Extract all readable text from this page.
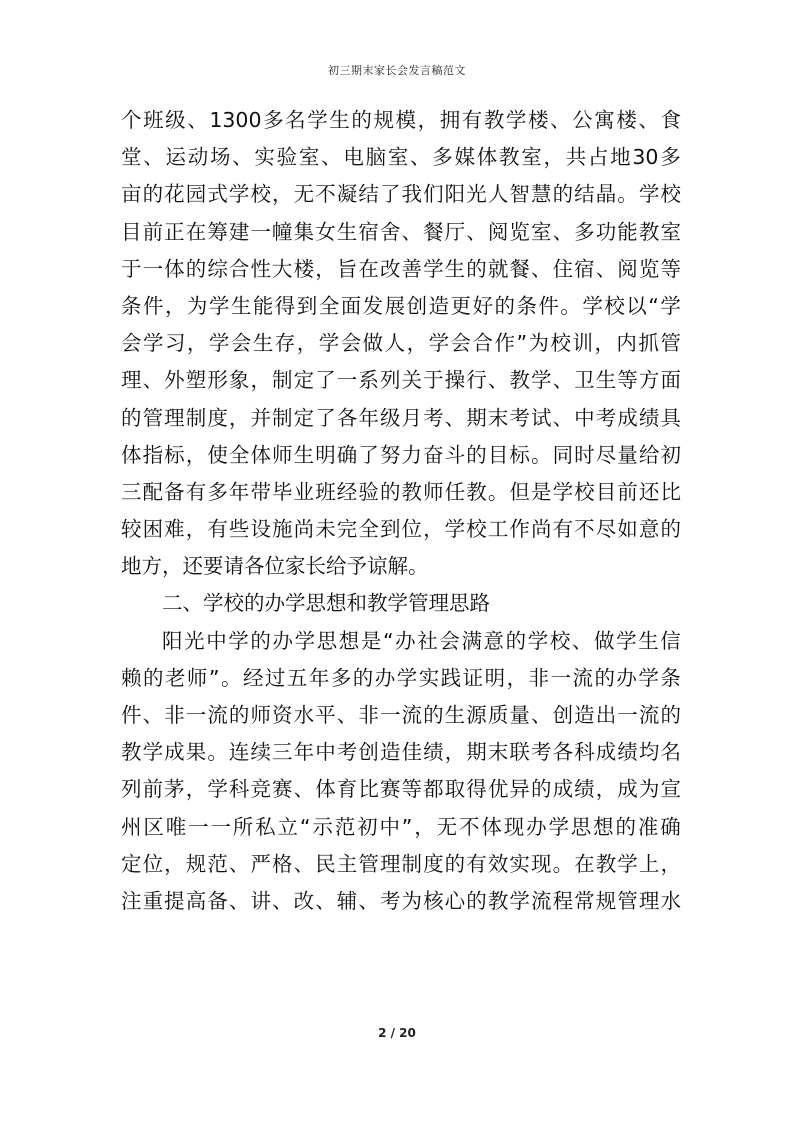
初三期末家长会发言稿范文
个 班 级 、 1300 多 名 学 生 的 规 模 ， 拥 有 教 学 楼 、 公 寓 楼 、 食
堂 、 运 动 场 、 实 验 室 、 电 脑 室 、 多 媒 体 教 室 ， 共 占 地 30 多
亩 的 花 园 式 学 校 ， 无 不 凝 结 了 我 们 阳 光 人 智 慧 的 结 晶 。 学 校
目 前 正 在 筹 建 一 幢 集 女 生 宿 舍 、 餐 厅 、 阅 览 室 、 多 功 能 教 室
于 一 体 的 综 合 性 大 楼 ， 旨 在 改 善 学 生 的 就 餐 、 住 宿 、 阅 览 等
条 件 ， 为 学 生 能 得 到 全 面 发 展 创 造 更 好 的 条 件 。 学 校 以 “ 学
会 学 习 ， 学 会 生 存 ， 学 会 做 人 ， 学 会 合 作 ” 为 校 训 ， 内 抓 管
理 、 外 塑 形 象 ， 制 定 了 一 系 列 关 于 操 行 、 教 学 、 卫 生 等 方 面
的 管 理 制 度 ， 并 制 定 了 各 年 级 月 考 、 期 末 考 试 、 中 考 成 绩 具
体 指 标 ， 使 全 体 师 生 明 确 了 努 力 奋 斗 的 目 标 。 同 时 尽 量 给 初
三 配 备 有 多 年 带 毕 业 班 经 验 的 教 师 任 教 。 但 是 学 校 目 前 还 比
较 困 难 ， 有 些 设 施 尚 未 完 全 到 位 ， 学 校 工 作 尚 有 不 尽 如 意 的
地方，还要请各位家长给予谅解。
二、学校的办学思想和教学管理思路
阳 光 中 学 的 办 学 思 想 是 “ 办 社 会 满 意 的 学 校 、 做 学 生 信
赖 的 老 师 ” 。 经 过 五 年 多 的 办 学 实 践 证 明 ， 非 一 流 的 办 学 条
件 、 非 一 流 的 师 资 水 平 、 非 一 流 的 生 源 质 量 、 创 造 出 一 流 的
教 学 成 果 。 连 续 三 年 中 考 创 造 佳 绩 ， 期 末 联 考 各 科 成 绩 均 名
列 前 茅 ， 学 科 竞 赛 、 体 育 比 赛 等 都 取 得 优 异 的 成 绩 ， 成 为 宣
州 区 唯 一 一 所 私 立 “ 示 范 初 中 ” ， 无 不 体 现 办 学 思 想 的 准 确
定 位 ， 规 范 、 严 格 、 民 主 管 理 制 度 的 有 效 实 现 。 在 教 学 上 ，
注 重 提 高 备 、 讲 、 改 、 辅 、 考 为 核 心 的 教 学 流 程 常 规 管 理 水
2 / 20
